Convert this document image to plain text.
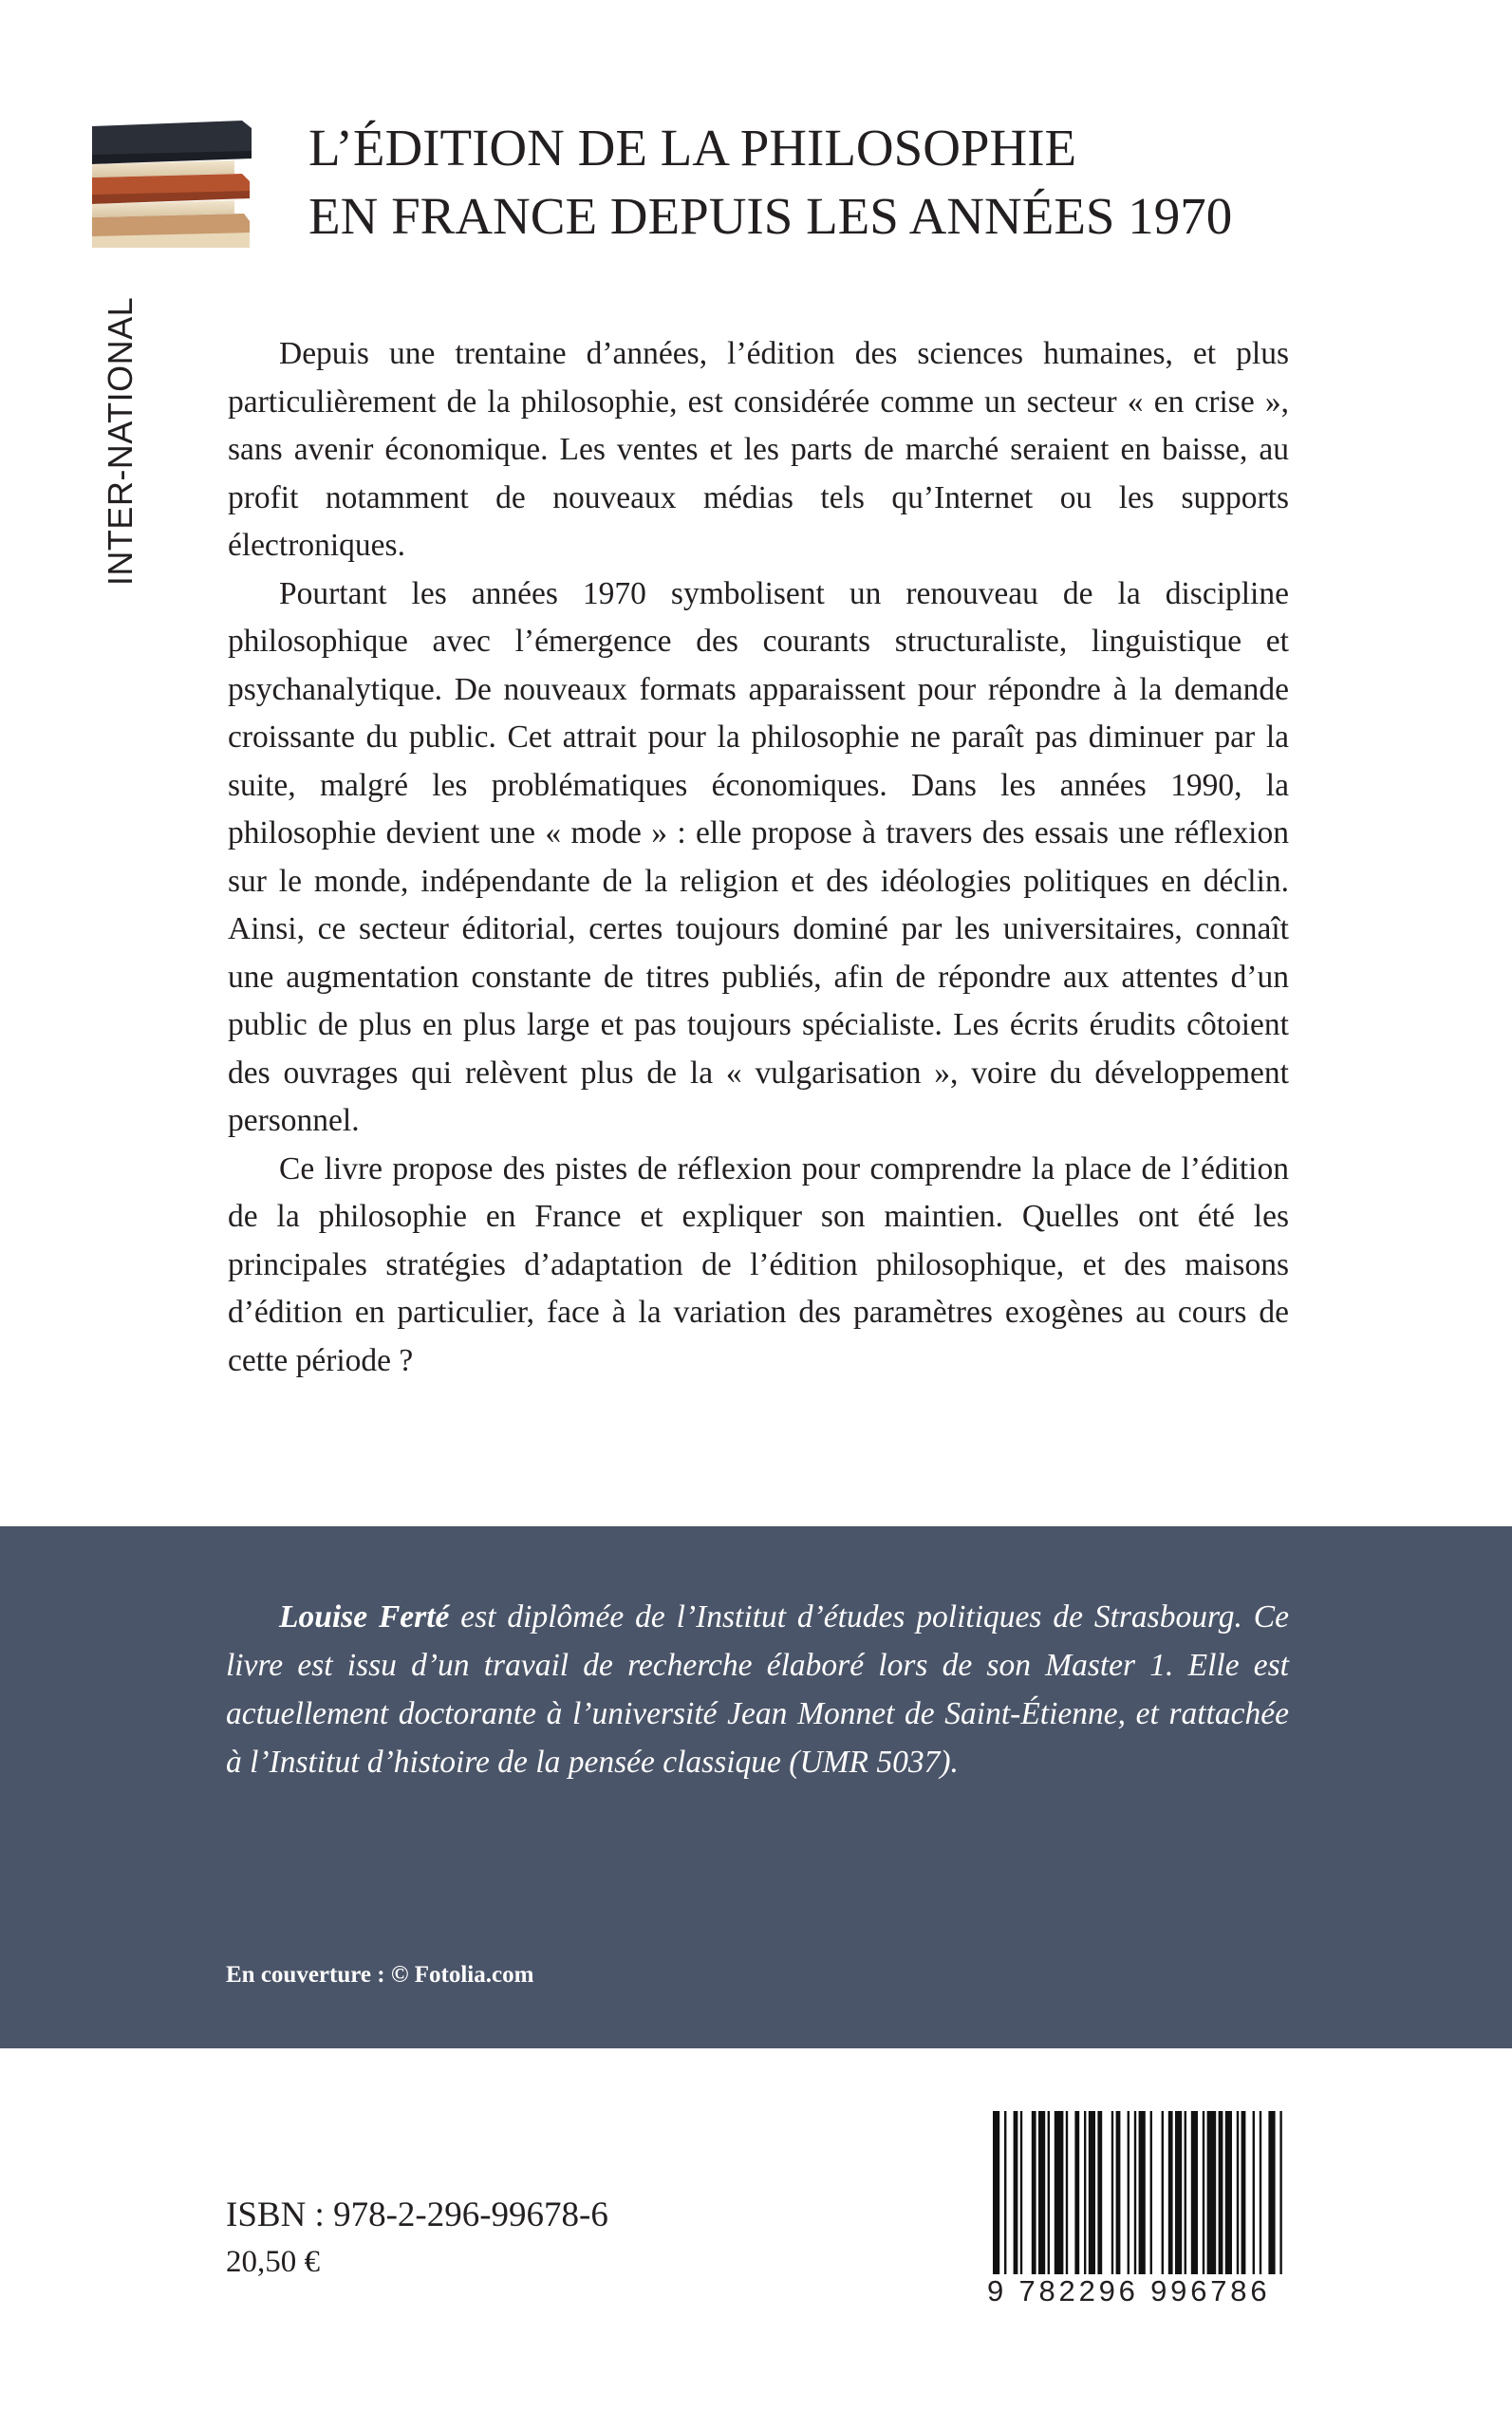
INTER-NATIONAL
L’ÉDITION DE LA PHILOSOPHIE
EN FRANCE DEPUIS LES ANNÉES 1970

Depuis une trentaine d’années, l’édition des sciences humaines, et plus particulièrement de la philosophie, est considérée comme un secteur « en crise », sans avenir économique. Les ventes et les parts de marché seraient en baisse, au profit notamment de nouveaux médias tels qu’Internet ou les supports électroniques.

Pourtant les années 1970 symbolisent un renouveau de la discipline philosophique avec l’émergence des courants structuraliste, linguistique et psychanalytique. De nouveaux formats apparaissent pour répondre à la demande croissante du public. Cet attrait pour la philosophie ne paraît pas diminuer par la suite, malgré les problématiques économiques. Dans les années 1990, la philosophie devient une « mode » : elle propose à travers des essais une réflexion sur le monde, indépendante de la religion et des idéologies politiques en déclin. Ainsi, ce secteur éditorial, certes toujours dominé par les universitaires, connaît une augmentation constante de titres publiés, afin de répondre aux attentes d’un public de plus en plus large et pas toujours spécialiste. Les écrits érudits côtoient des ouvrages qui relèvent plus de la « vulgarisation », voire du développement personnel.

Ce livre propose des pistes de réflexion pour comprendre la place de l’édition de la philosophie en France et expliquer son maintien. Quelles ont été les principales stratégies d’adaptation de l’édition philosophique, et des maisons d’édition en particulier, face à la variation des paramètres exogènes au cours de cette période ?

Louise Ferté est diplômée de l’Institut d’études politiques de Strasbourg. Ce livre est issu d’un travail de recherche élaboré lors de son Master 1. Elle est actuellement doctorante à l’université Jean Monnet de Saint-Étienne, et rattachée à l’Institut d’histoire de la pensée classique (UMR 5037).

En couverture : © Fotolia.com
ISBN : 978-2-296-99678-6
20,50 €
9 782296 996786
